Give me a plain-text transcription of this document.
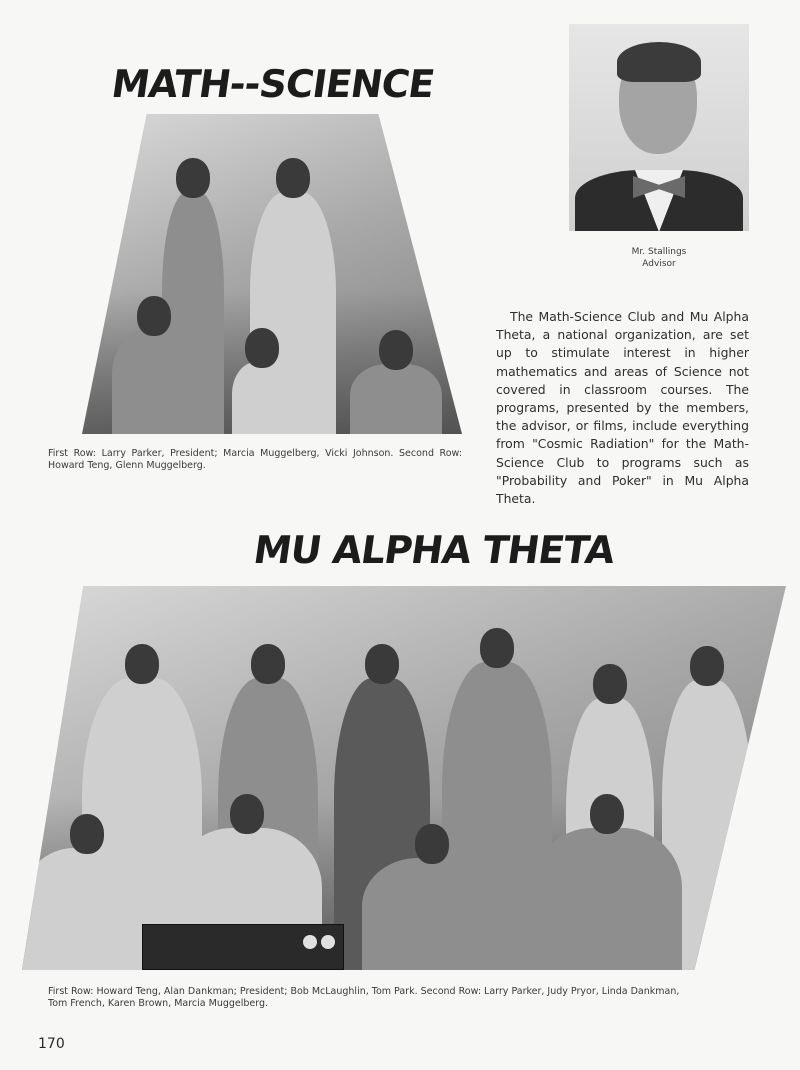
MATH--SCIENCE

First Row: Larry Parker, President; Marcia Muggelberg, Vicki Johnson. Second Row: Howard Teng, Glenn Muggelberg.

Mr. Stallings
Advisor

The Math-Science Club and Mu Alpha Theta, a national organization, are set up to stimulate interest in higher mathematics and areas of Science not covered in classroom courses. The programs, presented by the members, the advisor, or films, include everything from "Cosmic Radiation" for the Math-Science Club to programs such as "Probability and Poker" in Mu Alpha Theta.

MU ALPHA THETA

First Row: Howard Teng, Alan Dankman; President; Bob McLaughlin, Tom Park. Second Row: Larry Parker, Judy Pryor, Linda Dankman, Tom French, Karen Brown, Marcia Muggelberg.

170
